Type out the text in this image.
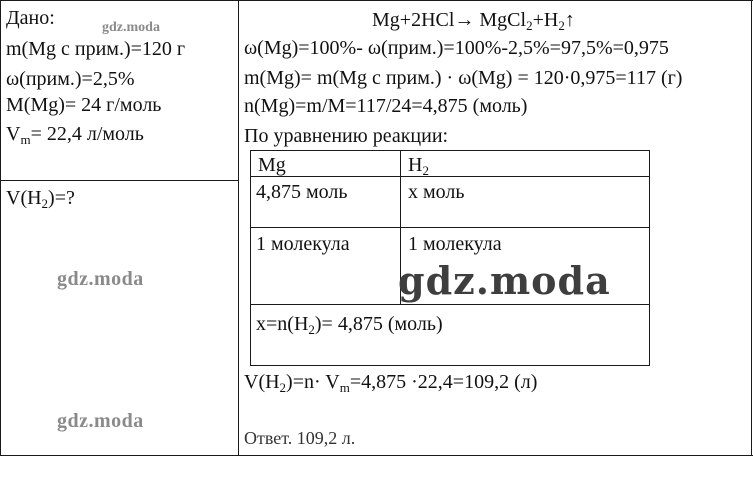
Дано:	gdz.moda
m(Mg с прим.)=120 г
ω(прим.)=2,5%
M(Mg)= 24 г/моль
$V_m= 22,4$ л/моль
$V(H_2)=$?
gdz.moda
gdz.moda
$Mg+2HCl\to MgCl_2+H_2↑$
ω(Mg)=100%- ω(прим.)=100%-2,5%=97,5%=0,975
m(Mg)= m(Mg с прим.) · ω(Mg) = 120·0,975=117 (г)
n(Mg)=m/M=117/24=4,875 (моль)
По уравнению реакции:
Mg	$H_2$
4,875 моль	x моль
1 молекула	1 молекула
gdz.moda
$x=n(H_2)= 4,875$ (моль)
$V(H_2)=n\cdot V_m=4,875 \cdot 22,4=109,2$ (л)
Ответ. 109,2 л.
